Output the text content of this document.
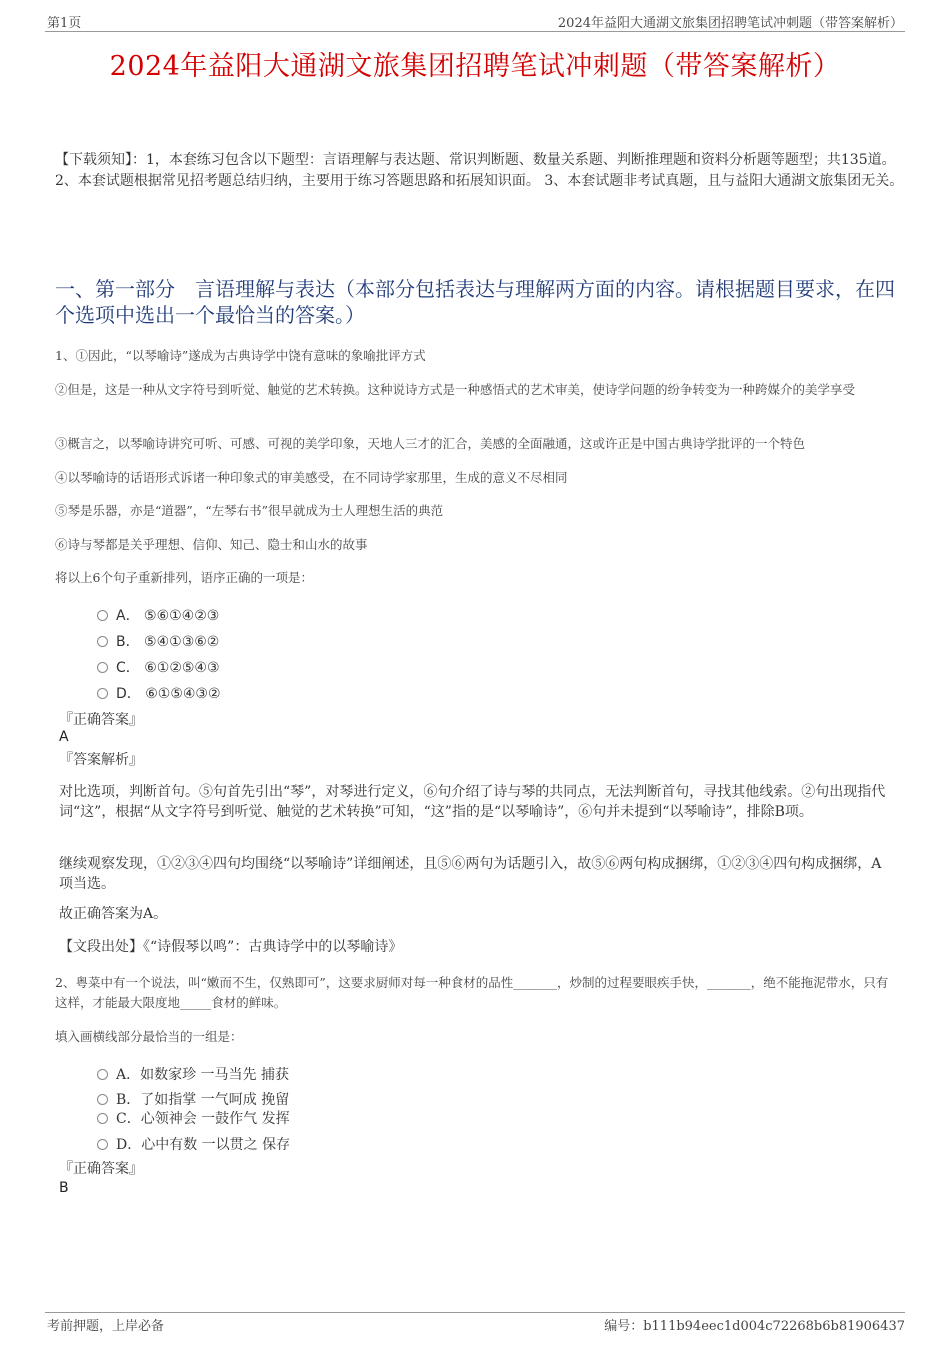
第1页	2024年益阳大通湖文旅集团招聘笔试冲刺题（带答案解析）
2024年益阳大通湖文旅集团招聘笔试冲刺题（带答案解析）
【下载须知】：1，本套练习包含以下题型：言语理解与表达题、常识判断题、数量关系题、判断推理题和资料分析题等题型；共135道。 2、本套试题根据常见招考题总结归纳，主要用于练习答题思路和拓展知识面。 3、本套试题非考试真题，且与益阳大通湖文旅集团无关。
一、第一部分　言语理解与表达（本部分包括表达与理解两方面的内容。请根据题目要求，在四个选项中选出一个最恰当的答案。）
1、①因此，“以琴喻诗”遂成为古典诗学中饶有意味的象喻批评方式
②但是，这是一种从文字符号到听觉、触觉的艺术转换。这种说诗方式是一种感悟式的艺术审美，使诗学问题的纷争转变为一种跨媒介的美学享受
③概言之，以琴喻诗讲究可听、可感、可视的美学印象，天地人三才的汇合，美感的全面融通，这或许正是中国古典诗学批评的一个特色
④以琴喻诗的话语形式诉诸一种印象式的审美感受，在不同诗学家那里，生成的意义不尽相同
⑤琴是乐器，亦是“道器”，“左琴右书”很早就成为士人理想生活的典范
⑥诗与琴都是关乎理想、信仰、知己、隐士和山水的故事
将以上6个句子重新排列，语序正确的一项是：
A． ⑤⑥①④②③
B． ⑤④①③⑥②
C． ⑥①②⑤④③
D． ⑥①⑤④③②
『正确答案』
A
『答案解析』
对比选项，判断首句。⑤句首先引出“琴”，对琴进行定义，⑥句介绍了诗与琴的共同点，无法判断首句，寻找其他线索。②句出现指代词“这”，根据“从文字符号到听觉、触觉的艺术转换”可知，“这”指的是“以琴喻诗”，⑥句并未提到“以琴喻诗”，排除B项。
继续观察发现，①②③④四句均围绕“以琴喻诗”详细阐述，且⑤⑥两句为话题引入，故⑤⑥两句构成捆绑，①②③④四句构成捆绑，A项当选。
故正确答案为A。
【文段出处】《“诗假琴以鸣”：古典诗学中的以琴喻诗》
2、粤菜中有一个说法，叫“嫩而不生，仅熟即可”，这要求厨师对每一种食材的品性_______，炒制的过程要眼疾手快，_______，绝不能拖泥带水，只有这样，才能最大限度地_____食材的鲜味。
填入画横线部分最恰当的一组是：
A．如数家珍 一马当先 捕获
B．了如指掌 一气呵成 挽留
C．心领神会 一鼓作气 发挥
D．心中有数 一以贯之 保存
『正确答案』
B
考前押题，上岸必备	编号：b111b94eec1d004c72268b6b81906437
